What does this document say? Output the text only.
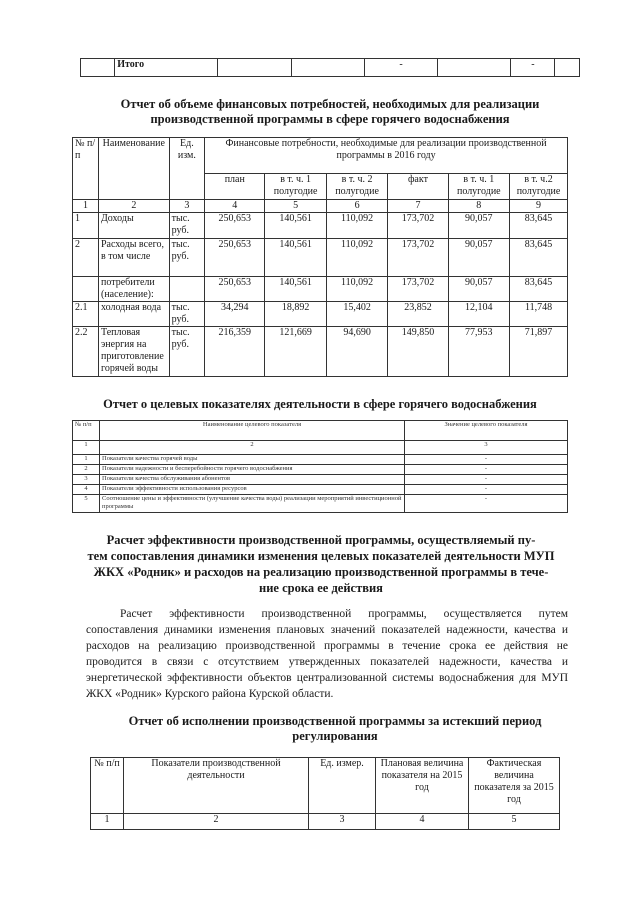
	Итого			-		-	
Отчет об объеме финансовых потребностей, необходимых для реализации
производственной программы в сфере горячего водоснабжения
№ п/п	Наименование	Ед. изм.	Финансовые потребности, необходимые для реализации производственной программы в 2016 году					
			план	в т. ч. 1 полугодие	в т. ч. 2 полугодие	факт	в т. ч. 1 полугодие	в т. ч.2 полугодие
1	2	3	4	5	6	7	8	9
1	Доходы	тыс. руб.	250,653	140,561	110,092	173,702	90,057	83,645
2	Расходы всего, в том числе	тыс. руб.	250,653	140,561	110,092	173,702	90,057	83,645
	потребители (население):		250,653	140,561	110,092	173,702	90,057	83,645
2.1	холодная вода	тыс. руб.	34,294	18,892	15,402	23,852	12,104	11,748
2.2	Тепловая энергия на приготовление горячей воды	тыс. руб.	216,359	121,669	94,690	149,850	77,953	71,897
Отчет о целевых показателях деятельности в сфере горячего водоснабжения
№ п/п	Наименование целевого показателя	Значение целевого показателя
1	2	3
1	Показатели качества горячей воды	-
2	Показатели надежности и бесперебойности горячего водоснабжения	-
3	Показатели качества обслуживания абонентов	-
4	Показатели эффективности использования ресурсов	-
5	Соотношение цены и эффективности (улучшение качества воды) реализации мероприятий инвестиционной программы	-
Расчет эффективности производственной программы, осуществляемый пу-
тем сопоставления динамики изменения целевых показателей деятельности МУП
ЖКХ «Родник» и расходов на реализацию производственной программы в тече-
ние срока ее действия
Расчет эффективности производственной программы, осуществляется путем сопоставления динамики изменения плановых значений показателей надежности, качества и расходов на реализацию производственной программы в течение срока ее действия не проводится в связи с отсутствием утвержденных показателей надежности, качества и энергетической эффективности объектов централизованной системы водоснабжения для МУП ЖКХ «Родник» Курского района Курской области.
Отчет об исполнении производственной программы за истекший период
регулирования
№ п/п	Показатели производственной деятельности	Ед. измер.	Плановая величина показателя на 2015 год	Фактическая величина показателя за 2015 год
1	2	3	4	5
